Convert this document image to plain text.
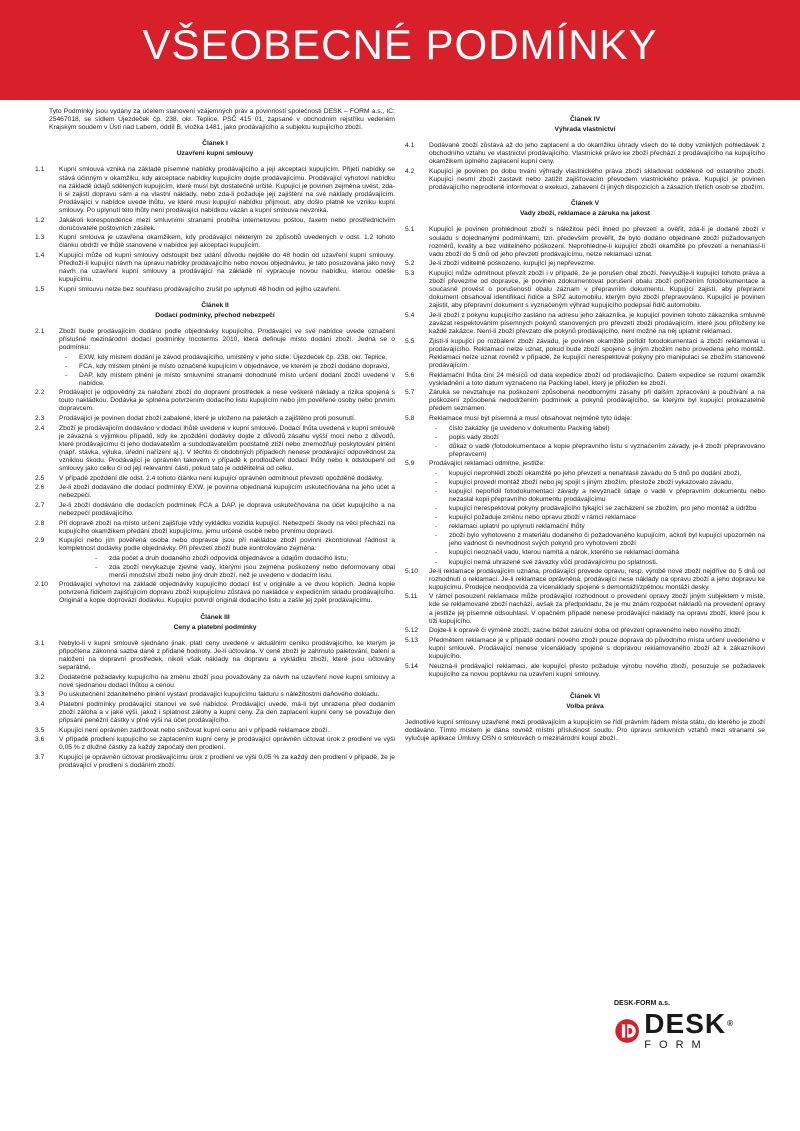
VŠEOBECNÉ PODMÍNKY
Tyto Podmínky jsou vydány za účelem stanovení vzájemných práv a povinností společnosti DESK – FORM a.s., IČ: 25467018, se sídlem Újezdeček čp. 238, okr. Teplice, PSČ 415 01, zapsané v obchodním rejstříku vedeném Krajským soudem v Ústí nad Labem, oddíl B, vložka 1481, jako prodávajícího a subjektu kupujícího zboží.
Článek I
Uzavření kupní smlouvy
1.1	Kupní smlouva vzniká na základě písemné nabídky prodávajícího a její akceptací kupujícím. Přijetí nabídky se stává účinným v okamžiku, kdy akceptace nabídky kupujícím dojde prodávajícímu. Prodávající vyhotoví nabídku na základě údajů sdělených kupujícím, které musí být dostatečně určité. Kupující je povinen zejména uvést, zda-li si zajistí dopravu sám a na vlastní náklady, nebo zda-li požaduje její zajištění na své náklady prodávajícím. Prodávající v nabídce uvede lhůtu, ve které musí kupující nabídku přijmout, aby došlo platně ke vzniku kupní smlouvy. Po uplynutí této lhůty není prodávající nabídkou vázán a kupní smlouva nevzniká.
1.2	Jakákoli korespondence mezi smluvními stranami probíhá internetovou poštou, faxem nebo prostřednictvím doručovatele poštovních zásilek.
1.3	Kupní smlouva je uzavřena okamžikem, kdy prodávající některým ze způsobů uvedených v odst. 1.2 tohoto článku obdrží ve lhůtě stanovené v nabídce její akceptaci kupujícím.
1.4	Kupující může od kupní smlouvy odstoupit bez udání důvodu nejdéle do 48 hodin od uzavření kupní smlouvy. Předloží-li kupující návrh na úpravu nabídky prodávajícího nebo novou objednávku, je tato posuzována jako nový návrh na uzavření kupní smlouvy a prodávající na základě ní vypracuje novou nabídku, kterou odešle kupujícímu.
1.5	Kupní smlouvu nelze bez souhlasu prodávajícího zrušit po uplynutí 48 hodin od jejího uzavření.
Článek II
Dodací podmínky, přechod nebezpečí
2.1	Zboží bude prodávajícím dodáno podle objednávky kupujícího. Prodávající ve své nabídce uvede označení příslušné mezinárodní dodací podmínky Incoterms 2010, která definuje místo dodání zboží. Jedná se o podmínku:
-	EXW, kdy místem dodání je závod prodávajícího, umístěný v jeho sídle: Újezdeček čp. 238, okr. Teplice,
-	FCA, kdy místem plnění je místo označené kupujícím v objednávce, ve kterém je zboží dodáno dopravci,
-	DAP, kdy místem plnění je místo smluvními stranami dohodnuté místo určení dodání zboží uvedené v nabídce.
2.2	Prodávající je odpovědný za naložení zboží do dopravní prostředek a nese veškeré náklady a rizika spojená s touto nakládkou. Dodávka je splněna potvrzením dodacího listu kupujícím nebo jím pověřené osoby nebo prvním dopravcem.
2.3	Prodávající je povinen dodat zboží zabalené, které je uloženo na paletách a zajištěno proti posunutí.
2.4	Zboží je prodávajícím dodáváno v dodací lhůtě uvedené v kupní smlouvě. Dodací lhůta uvedená v kupní smlouvě je závazná s výjimkou případů, kdy ke zpoždění dodávky dojde z důvodů zásahu vyšší moci nebo z důvodů, které prodávajícímu či jeho dodavatelům a subdodavatelům podstatně ztíží nebo znemožňují poskytování plnění (např. stávka, výluka, úřední nařízení aj.). V těchto či obdobných případech nenese prodávající odpovědnost za vzniklou škodu. Prodávající je oprávněn takovém v případě k prodloužení dodací lhůty nebo k odstoupení od smlouvy jako celku či od její relevantní části, pokud tato je oddělitelná od celku.
2.5	V případě zpoždění dle odst. 2.4 tohoto článku není kupující oprávněn odmítnout převzetí opožděné dodávky.
2.6	Je-li zboží dodáváno dle dodací podmínky EXW, je povinna objednaná kupujícím uskutečňována na jeho účet a nebezpečí.
2.7	Je-li zboží dodáváno dle dodacích podmínek FCA a DAP, je doprava uskutečňována na účet kupujícího a na nebezpečí prodávajícího.
2.8	Při dopravě zboží na místo určení zajišťuje vždy vykládku vozidla kupující. Nebezpečí škody na věci přechází na kupujícího okamžikem předání zboží kupujícímu, jemu určené osobě nebo prvnímu dopravci.
2.9	Kupující nebo jím pověřená osoba nebo dopravce jsou při nakládce zboží povinni zkontrolovat řádnost a kompletnost dodávky podle objednávky. Při převzetí zboží bude kontrolováno zejména:
-	zda počet a druh dodaného zboží odpovídá objednávce a údajům dodacího listu;
-	zda zboží nevykazuje zjevné vady, kterými jsou zejména poškozený nebo deformovaný obal menší množství zboží nebo jiný druh zboží, než je uvedeno v dodacím listu.
2.10	Prodávající vyhotoví na základě objednávky kupujícího dodací list v originále a ve dvou kopiích. Jedna kopie potvrzená řidičem zajišťujícím dopravu zboží kupujícímu zůstává po nakládce v expedičním skladu prodávajícího. Originál a kopie doprovází dodávku. Kupující potvrdí originál dodacího listu a zašle jej zpět prodávajícímu.
Článek III
Ceny a platební podmínky
3.1	Nebylo-li v kupní smlouvě sjednáno jinak, platí ceny uvedené v aktuálním ceníku prodávajícího, ke kterým je připočtena zákonná sazba daně z přidané hodnoty. Je-li účtována. V ceně zboží je zahrnuto paletování, balení a naložení na dopravní prostředek, nikoli však náklady na dopravu a vykládku zboží, které jsou účtovány separátně.
3.2	Dodatečně požadavky kupujícího na změnu zboží jsou považovány za návrh na uzavření nové kupní smlouvy a nové sjednanou dodací lhůtou a cenou.
3.3	Po uskutečnění zdanitelného plnění vystaví prodávající kupujícímu fakturu s náležitostmi daňového dokladu.
3.4	Platební podmínky prodávající stanoví ve své nabídce. Prodávající uvede, má-li být uhrazena před dodáním zboží záloha a v jaké výši, jakož i splatnost zálohy a kupní ceny. Za den zaplacení kupní ceny se považuje den připsání peněžní částky v plné výši na účet prodávajícího.
3.5	Kupující není oprávněn zadržovat nebo snižovat kupní cenu ani v případě reklamace zboží.
3.6	V případě prodlení kupujícího se zaplacením kupní ceny je prodávající oprávněn účtovat úrok z prodlení ve výši 0,05 % z dlužné částky za každý započatý den prodlení.
3.7	Kupující je oprávněn účtovat prodávajícímu úrok z prodlení ve výši 0,05 % za každý den prodlení v případě, že je prodávající v prodlení s dodáním zboží.
Článek IV
Výhrada vlastnictví
4.1	Dodávané zboží zůstává až do jeho zaplacení a do okamžiku úhrady všech do té doby vzniklých pohledávek z obchodního vztahu ve vlastnictví prodávajícího. Vlastnické právo ke zboží přechází z prodávajícího na kupujícího okamžikem úplného zaplacení kupní ceny.
4.2	Kupující je povinen po dobu trvání výhrady vlastnického práva zboží skladovat odděleně od ostatního zboží. Kupující nesmí zboží zastavit nebo zatížit zajišťovacím převodem vlastnického práva. Kupující je povinen prodávajícího neprodleně informovat o exekuci, zabavení či jiných dispozicích a zásazích třetích osob se zbožím.
Článek V
Vady zboží, reklamace a záruka na jakost
5.1	Kupující je povinen prohlédnout zboží s náležitou péčí ihned po převzetí a ověřit, zda-li je dodané zboží v souladu s dojednanými podmínkami, tzn. především prověřit, že bylo dodáno objednané zboží požadovaných rozměrů, kvality a bez viditelného poškození. Neprohlédne-li kupující zboží okamžitě po převzetí a nenahlásí-li vadu zboží do 5 dnů od jeho převzetí prodávajícímu, nelze reklamaci uznat.
5.2	Je-li zboží viditelně poškozeno, kupující jej nepřevezme.
5.3	Kupující může odmítnout převzít zboží i v případě, že je porušen obal zboží. Nevyužije-li kupující tohoto práva a zboží převezme od dopravce, je povinen zdokumentovat porušení obalu zboží pořízením fotodokumentace a současně provést o porušenosti obalu záznam v přepravním dokumentu. Kupující zajistí, aby přepravní dokument obsahoval identifikaci řidiče a SPZ automobilu, kterým bylo zboží přepravováno. Kupující je povinen zajistit, aby přepravní dokument s vyznačeným výhrad kupujícího podepsal řidič automobilu.
5.4	Je-li zboží z pokynu kupujícího zasláno na adresu jeho zákazníka, je kupující povinen tohoto zákazníka smluvně zavázat respektováním písemných pokynů stanovených pro převzetí zboží prodávajícím, které jsou přiloženy ke každé zakázce. Není-li zboží převzato dle pokynů prodávajícího, není možné na něj uplatnit reklamaci.
5.5	Zjistí-li kupující po rozbalení zboží závadu, je povinen okamžitě pořídit fotodokumentaci a zboží reklamovat u prodávajícího. Reklamaci nelze uznat, pokud bude zboží spojeno s jiným zbožím nebo provedena jeho montáž. Reklamaci nelze uznat rovněž v případě, že kupující nerespektoval pokyny pro manipulaci se zbožím stanovené prodávajícím.
5.6	Reklamační lhůta činí 24 měsíců od data expedice zboží od prodávajícího. Datem expedice se rozumí okamžik vyskladnění a toto datum vyznačeno na Packing label, který je přiložen ke zboží.
5.7	Záruka se nevztahuje na poškození způsobená neodbornými zásahy při dalším zpracování a používání a na poškození způsobená nedodržením podmínek a pokynů prodávajícího, se kterými byl kupující prokazatelně předem seznámen.
5.8	Reklamace musí být písemná a musí obsahovat nejméně tyto údaje:
-	číslo zakázky (je uvedeno v dokumentu Packing label)
-	popis vady zboží
-	důkaz o vadě (fotodokumentace a kopie přepravního listu s vyznačením závady, je-li zboží přepravováno přepravcem)
5.9	Prodávající reklamaci odmítne, jestliže:
-	kupující neprohlédl zboží okamžitě po jeho převzetí a nenahlásil závadu do 5 dnů po dodání zboží,
-	kupující provedl montáž zboží nebo jej spojil s jiným zbožím, přestože zboží vykazovalo závadu,
-	kupující nepořídil fotodokumentaci závady a nevyznačil údaje o vadě v přepravním dokumentu nebo nezaslal kopii přepravního dokumentu prodávajícímu
-	kupující nerespektoval pokyny prodávajícího týkající se zacházení se zbožím, pro jeho montáž a údržbu
-	kupující požaduje změnu nebo opravu zboží v rámci reklamace
-	reklamaci uplatní po uplynutí reklamační lhůty
-	zboží bylo vyhotoveno z materiálu dodaného či požadovaného kupujícím, ačkoli byl kupující upozorněn na jeho vadnost či nevhodnost svých pokynů pro vyhotovení zboží
-	kupující neoznačil vadu, kterou namítá a nárok, kterého se reklamací domáhá
-	kupující nemá uhrazené své závazky vůči prodávajícímu po splatnosti.
5.10	Je-li reklamace prodávajícím uznána, prodávající provede opravu, resp. výrobě nové zboží nejdříve do 5 dnů od rozhodnutí o reklamaci. Je-li reklamace oprávněná, prodávající nese náklady na opravu zboží a jeho dopravu ke kupujícímu. Prodejce neodpovídá za vícenáklady spojené s demontáží/zpětnou montáží desky.
5.11	V rámci posouzení reklamace může prodávající rozhodnout o provedení opravy zboží jiným subjektem v místě, kde se reklamované zboží nachází, avšak za předpokladu, že je mu znám rozpočet nákladů na provedení opravy a jestliže jej písemně odsouhlasí. V opačném případě nenese prodávající náklady na opravu zboží, které jsou k tíži kupujícího.
5.12	Dojde-li k opravě či výměně zboží, začne běžet záruční doba od převzetí opraveného nebo nového zboží.
5.13	Předmětem reklamace je v případě dodání nového zboží pouze doprava do původního místa určení uvedeného v kupní smlouvě. Prodávající nenese vícenáklady spojené s dopravou reklamovaného zboží až k zákazníkovi kupujícího.
5.14	Neuzná-li prodávající reklamaci, ale kupující přesto požaduje výrobu nového zboží, posuzuje se požadavek kupujícího za novou poptávku na uzavření kupní smlouvy.
Článek VI
Volba práva
Jednotlivé kupní smlouvy uzavřené mezi prodávajícím a kupujícím se řídí právním řádem místa státu, do kterého je zboží dodáváno. Tímto místem je dána rovněž místní příslušnost soudu. Pro úpravu smluvních vztahů mezi stranami se vylučuje aplikace Úmluvy OSN o smlouvách o mezinárodní koupi zboží.
DESK-FORM a.s.
DESK®
FORM
